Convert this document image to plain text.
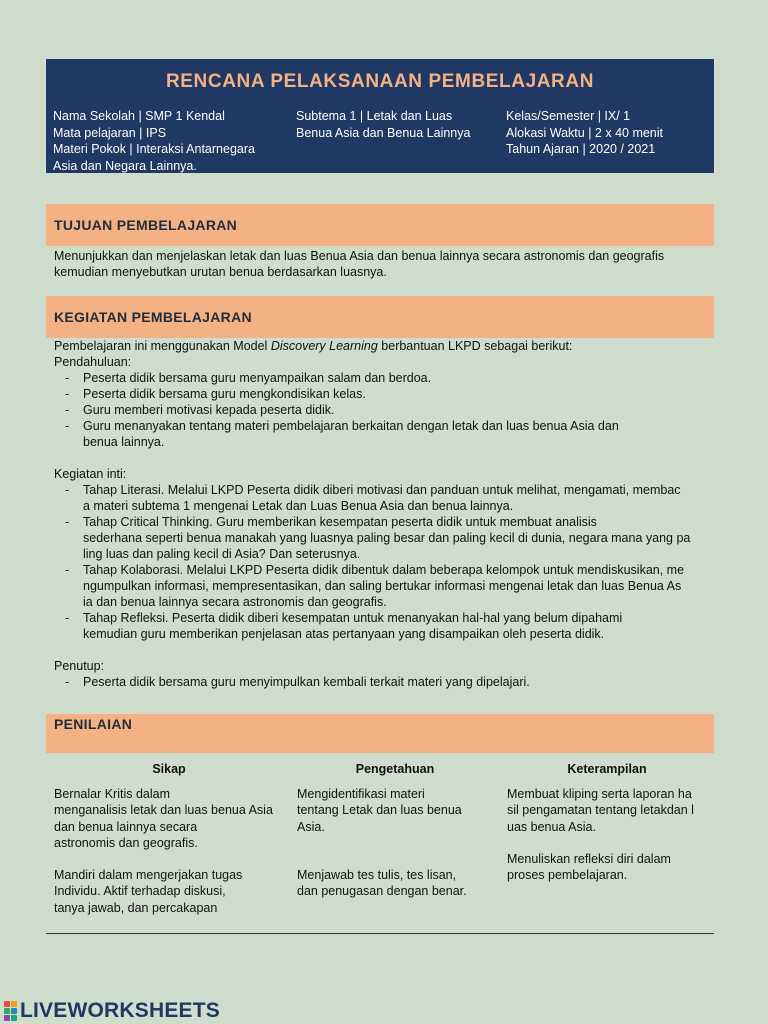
RENCANA PELAKSANAAN PEMBELAJARAN
Nama Sekolah | SMP 1 Kendal
Mata pelajaran | IPS
Materi Pokok | Interaksi Antarnegara
Asia dan Negara Lainnya.
Subtema 1 | Letak dan Luas
Benua Asia dan Benua Lainnya
Kelas/Semester | IX/ 1
Alokasi Waktu | 2 x 40 menit
Tahun Ajaran | 2020 / 2021
TUJUAN PEMBELAJARAN

Menunjukkan dan menjelaskan letak dan luas Benua Asia dan benua lainnya secara astronomis dan geografis

kemudian menyebutkan urutan benua berdasarkan luasnya.

KEGIATAN PEMBELAJARAN

Pembelajaran ini menggunakan Model Discovery Learning berbantuan LKPD sebagai berikut:

Pendahuluan:

- Peserta didik bersama guru menyampaikan salam dan berdoa.
- Peserta didik bersama guru mengkondisikan kelas.
- Guru memberi motivasi kepada peserta didik.
- Guru menanyakan tentang materi pembelajaran berkaitan dengan letak dan luas benua Asia dan
benua lainnya.

Kegiatan inti:

- Tahap Literasi. Melalui LKPD Peserta didik diberi motivasi dan panduan untuk melihat, mengamati, membac
a materi subtema 1 mengenai Letak dan Luas Benua Asia dan benua lainnya.
- Tahap Critical Thinking. Guru memberikan kesempatan peserta didik untuk membuat analisis
sederhana seperti benua manakah yang luasnya paling besar dan paling kecil di dunia, negara mana yang pa
ling luas dan paling kecil di Asia? Dan seterusnya.
- Tahap Kolaborasi. Melalui LKPD Peserta didik dibentuk dalam beberapa kelompok untuk mendiskusikan, me
ngumpulkan informasi, mempresentasikan, dan saling bertukar informasi mengenai letak dan luas Benua As
ia dan benua lainnya secara astronomis dan geografis.
- Tahap Refleksi. Peserta didik diberi kesempatan untuk menanyakan hal-hal yang belum dipahami
kemudian guru memberikan penjelasan atas pertanyaan yang disampaikan oleh peserta didik.

Penutup:

- Peserta didik bersama guru menyimpulkan kembali terkait materi yang dipelajari.
PENILAIAN
Sikap	Pengetahuan	Keterampilan

Bernalar Kritis dalam

menganalisis letak dan luas benua Asia

dan benua lainnya secara

astronomis dan geografis.

Mandiri dalam mengerjakan tugas

Individu. Aktif terhadap diskusi,

tanya jawab, dan percakapan

Mengidentifikasi materi

tentang Letak dan luas benua

Asia.

Menjawab tes tulis, tes lisan,

dan penugasan dengan benar.

Membuat kliping serta laporan ha

sil pengamatan tentang letakdan l

uas benua Asia.

Menuliskan refleksi diri dalam

proses pembelajaran.

LIVEWORKSHEETS
